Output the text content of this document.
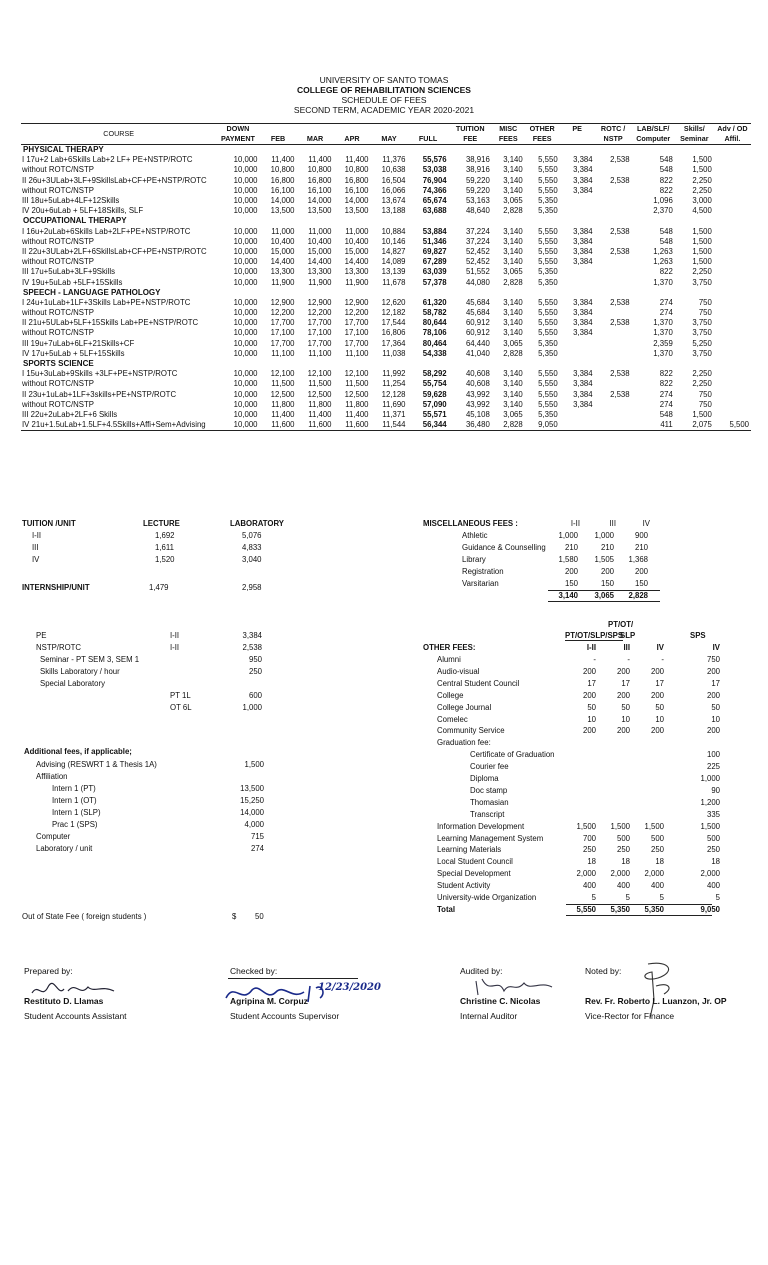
UNIVERSITY OF SANTO TOMAS
COLLEGE OF REHABILITATION SCIENCES
SCHEDULE OF FEES
SECOND TERM, ACADEMIC YEAR 2020-2021
COURSE	DOWN						TUITION	MISC	OTHER	PE	ROTC /	LAB/SLF/	Skills/	Adv / OD
	PAYMENT	FEB	MAR	APR	MAY	FULL	FEE	FEES	FEES		NSTP	Computer	Seminar	Affil.
PHYSICAL THERAPY														
I 17u+2 Lab+6Skills Lab+2 LF+ PE+NSTP/ROTC	10,000	11,400	11,400	11,400	11,376	55,576	38,916	3,140	5,550	3,384	2,538	548	1,500	
without ROTC/NSTP	10,000	10,800	10,800	10,800	10,638	53,038	38,916	3,140	5,550	3,384		548	1,500	
II 26u+3ULab+3LF+9SkillsLab+CF+PE+NSTP/ROTC	10,000	16,800	16,800	16,800	16,504	76,904	59,220	3,140	5,550	3,384	2,538	822	2,250	
without ROTC/NSTP	10,000	16,100	16,100	16,100	16,066	74,366	59,220	3,140	5,550	3,384		822	2,250	
III 18u+5uLab+4LF+12Skills	10,000	14,000	14,000	14,000	13,674	65,674	53,163	3,065	5,350			1,096	3,000	
IV 20u+6uLab + 5LF+18Skills, SLF	10,000	13,500	13,500	13,500	13,188	63,688	48,640	2,828	5,350			2,370	4,500	
OCCUPATIONAL THERAPY														
I 16u+2uLab+6Skills Lab+2LF+PE+NSTP/ROTC	10,000	11,000	11,000	11,000	10,884	53,884	37,224	3,140	5,550	3,384	2,538	548	1,500	
without ROTC/NSTP	10,000	10,400	10,400	10,400	10,146	51,346	37,224	3,140	5,550	3,384		548	1,500	
II 22u+3ULab+2LF+6SkillsLab+CF+PE+NSTP/ROTC	10,000	15,000	15,000	15,000	14,827	69,827	52,452	3,140	5,550	3,384	2,538	1,263	1,500	
without ROTC/NSTP	10,000	14,400	14,400	14,400	14,089	67,289	52,452	3,140	5,550	3,384		1,263	1,500	
III 17u+5uLab+3LF+9Skills	10,000	13,300	13,300	13,300	13,139	63,039	51,552	3,065	5,350			822	2,250	
IV 19u+5uLab +5LF+15Skills	10,000	11,900	11,900	11,900	11,678	57,378	44,080	2,828	5,350			1,370	3,750	
SPEECH - LANGUAGE PATHOLOGY														
I 24u+1uLab+1LF+3Skills Lab+PE+NSTP/ROTC	10,000	12,900	12,900	12,900	12,620	61,320	45,684	3,140	5,550	3,384	2,538	274	750	
without ROTC/NSTP	10,000	12,200	12,200	12,200	12,182	58,782	45,684	3,140	5,550	3,384		274	750	
II 21u+5ULab+5LF+15Skills Lab+PE+NSTP/ROTC	10,000	17,700	17,700	17,700	17,544	80,644	60,912	3,140	5,550	3,384	2,538	1,370	3,750	
without ROTC/NSTP	10,000	17,100	17,100	17,100	16,806	78,106	60,912	3,140	5,550	3,384		1,370	3,750	
III 19u+7uLab+6LF+21Skills+CF	10,000	17,700	17,700	17,700	17,364	80,464	64,440	3,065	5,350			2,359	5,250	
IV 17u+5uLab + 5LF+15Skills	10,000	11,100	11,100	11,100	11,038	54,338	41,040	2,828	5,350			1,370	3,750	
SPORTS SCIENCE														
I 15u+3uLab+9Skills +3LF+PE+NSTP/ROTC	10,000	12,100	12,100	12,100	11,992	58,292	40,608	3,140	5,550	3,384	2,538	822	2,250	
without ROTC/NSTP	10,000	11,500	11,500	11,500	11,254	55,754	40,608	3,140	5,550	3,384		822	2,250	
II 23u+1uLab+1LF+3skills+PE+NSTP/ROTC	10,000	12,500	12,500	12,500	12,128	59,628	43,992	3,140	5,550	3,384	2,538	274	750	
without ROTC/NSTP	10,000	11,800	11,800	11,800	11,690	57,090	43,992	3,140	5,550	3,384		274	750	
III 22u+2uLab+2LF+6 Skills	10,000	11,400	11,400	11,400	11,371	55,571	45,108	3,065	5,350			548	1,500	
IV 21u+1.5uLab+1.5LF+4.5Skills+Affi+Sem+Advising	10,000	11,600	11,600	11,600	11,544	56,344	36,480	2,828	9,050			411	2,075	5,500
TUITION /UNIT	LECTURE	LABORATORY
I-II	1,692	5,076
III	1,611	4,833
IV	1,520	3,040
INTERNSHIP/UNIT	1,479	2,958
MISCELLANEOUS FEES :	I-II	III	IV
Athletic	1,000	1,000	900
Guidance & Counselling	210	210	210
Library	1,580	1,505	1,368
Registration	200	200	200
Varsitarian	150	150	150
3,140	3,065	2,828
PE	I-II	3,384
NSTP/ROTC	I-II	2,538
Seminar - PT SEM 3, SEM 1	950
Skills Laboratory / hour	250
Special Laboratory
PT 1L	600
OT 6L	1,000
Additional fees, if applicable;
Advising (RESWRT 1 & Thesis 1A)	1,500
Affiliation
Intern 1 (PT)	13,500
Intern 1 (OT)	15,250
Intern 1 (SLP)	14,000
Prac 1 (SPS)	4,000
Computer	715
Laboratory / unit	274
Out of State Fee ( foreign students )	$ 50
PT/OT/
PT/OT/SLP/SPS
SLP	SPS
OTHER FEES:	I-II	III	IV	IV
Alumni	-	-	-	750
Audio-visual	200	200	200	200
Central Student Council	17	17	17	17
College	200	200	200	200
College Journal	50	50	50	50
Comelec	10	10	10	10
Community Service	200	200	200	200
Graduation fee:
Certificate of Graduation	100
Courier fee	225
Diploma	1,000
Doc stamp	90
Thomasian	1,200
Transcript	335
Information Development	1,500	1,500	1,500	1,500
Learning Management System	700	500	500	500
Learning Materials	250	250	250	250
Local Student Council	18	18	18	18
Special Development	2,000	2,000	2,000	2,000
Student Activity	400	400	400	400
University-wide Organization	5	5	5	5
Total	5,550	5,350	5,350	9,050
Prepared by:
Restituto D. Llamas
Student Accounts Assistant
Checked by:
12/23/2020
Agripina M. Corpuz
Student Accounts Supervisor
Audited by:
Christine C. Nicolas
Internal Auditor
Noted by:
Rev. Fr. Roberto L. Luanzon, Jr. OP
Vice-Rector for Finance
